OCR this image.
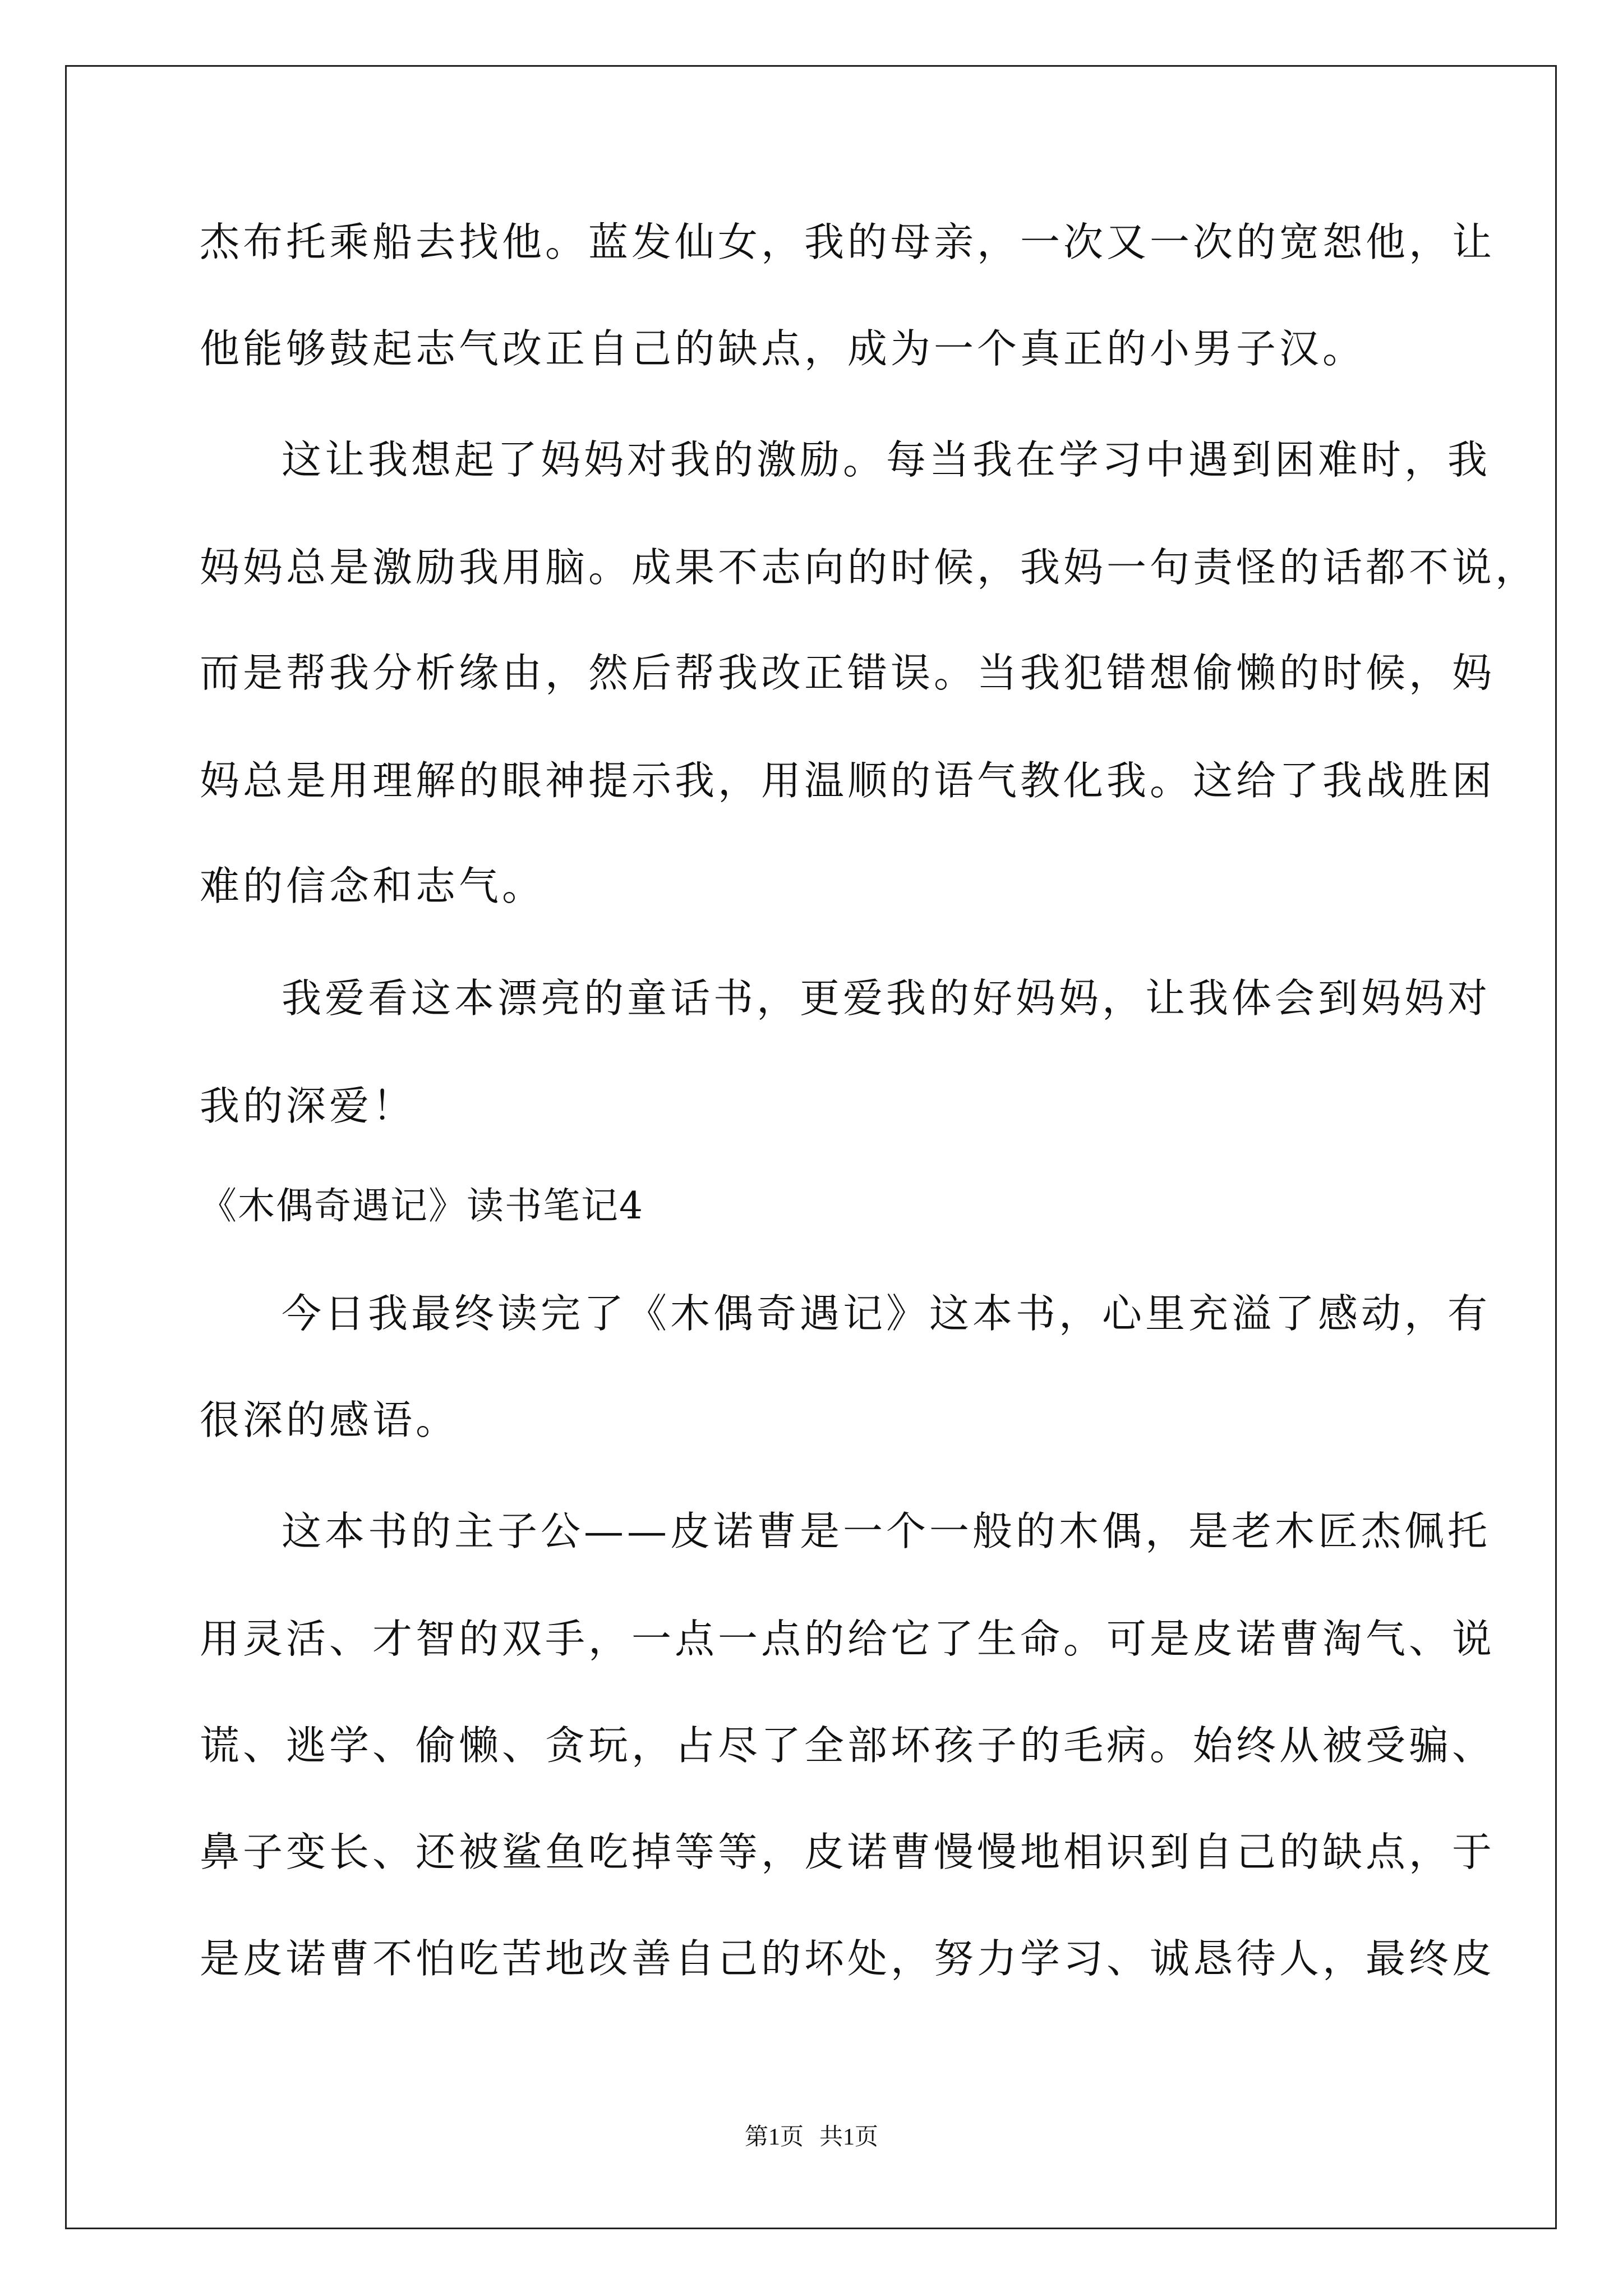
杰布托乘船去找他。蓝发仙女，我的母亲，一次又一次的宽恕他，让
他能够鼓起志气改正自己的缺点，成为一个真正的小男子汉。
这让我想起了妈妈对我的激励。每当我在学习中遇到困难时，我
妈妈总是激励我用脑。成果不志向的时候，我妈一句责怪的话都不说，
而是帮我分析缘由，然后帮我改正错误。当我犯错想偷懒的时候，妈
妈总是用理解的眼神提示我，用温顺的语气教化我。这给了我战胜困
难的信念和志气。
我爱看这本漂亮的童话书，更爱我的好妈妈，让我体会到妈妈对
我的深爱！
《木偶奇遇记》读书笔记4
今日我最终读完了《木偶奇遇记》这本书，心里充溢了感动，有
很深的感语。
这本书的主子公——皮诺曹是一个一般的木偶，是老木匠杰佩托
用灵活、才智的双手，一点一点的给它了生命。可是皮诺曹淘气、说
谎、逃学、偷懒、贪玩，占尽了全部坏孩子的毛病。始终从被受骗、
鼻子变长、还被鲨鱼吃掉等等，皮诺曹慢慢地相识到自己的缺点，于
是皮诺曹不怕吃苦地改善自己的坏处，努力学习、诚恳待人，最终皮
第1页 共1页
